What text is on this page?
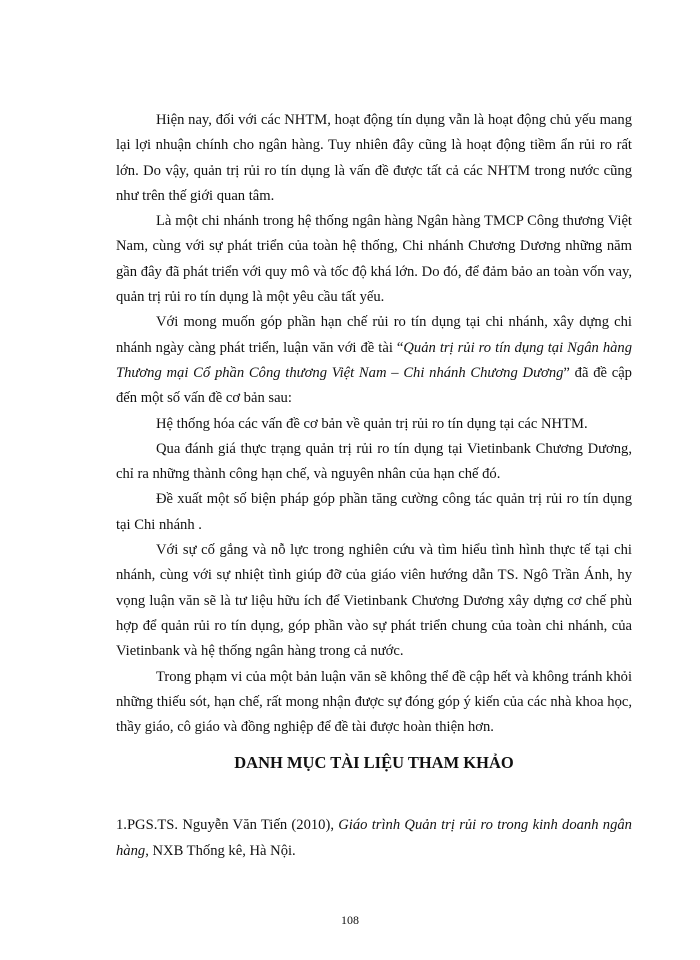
Hiện nay, đối với các NHTM, hoạt động tín dụng vẫn là hoạt động chủ yếu mang lại lợi nhuận chính cho ngân hàng. Tuy nhiên đây cũng là hoạt động tiềm ẩn rủi ro rất lớn. Do vậy, quản trị rủi ro tín dụng là vấn đề được tất cả các NHTM trong nước cũng như trên thế giới quan tâm.

Là một chi nhánh trong hệ thống ngân hàng Ngân hàng TMCP Công thương Việt Nam, cùng với sự phát triển của toàn hệ thống, Chi nhánh Chương Dương những năm gần đây đã phát triển với quy mô và tốc độ khá lớn. Do đó, để đảm bảo an toàn vốn vay, quản trị rủi ro tín dụng là một yêu cầu tất yếu.

Với mong muốn góp phần hạn chế rủi ro tín dụng tại chi nhánh, xây dựng chi nhánh ngày càng phát triển, luận văn với đề tài “Quản trị rủi ro tín dụng tại Ngân hàng Thương mại Cổ phần Công thương Việt Nam – Chi nhánh Chương Dương” đã đề cập đến một số vấn đề cơ bản sau:

Hệ thống hóa các vấn đề cơ bản về quản trị rủi ro tín dụng tại các NHTM.

Qua đánh giá thực trạng quản trị rủi ro tín dụng tại Vietinbank Chương Dương, chỉ ra những thành công hạn chế, và nguyên nhân của hạn chế đó.

Đề xuất một số biện pháp góp phần tăng cường công tác quản trị rủi ro tín dụng tại Chi nhánh .

Với sự cố gắng và nỗ lực trong nghiên cứu và tìm hiểu tình hình thực tế tại chi nhánh, cùng với sự nhiệt tình giúp đỡ của giáo viên hướng dẫn TS. Ngô Trần Ánh, hy vọng luận văn sẽ là tư liệu hữu ích để Vietinbank Chương Dương xây dựng cơ chế phù hợp để quản rủi ro tín dụng, góp phần vào sự phát triển chung của toàn chi nhánh, của Vietinbank và hệ thống ngân hàng trong cả nước.

Trong phạm vi của một bản luận văn sẽ không thể đề cập hết và không tránh khỏi những thiếu sót, hạn chế, rất mong nhận được sự đóng góp ý kiến của các nhà khoa học, thầy giáo, cô giáo và đồng nghiệp để đề tài được hoàn thiện hơn.

DANH MỤC TÀI LIỆU THAM KHẢO
1.PGS.TS. Nguyễn Văn Tiến (2010), Giáo trình Quản trị rủi ro trong kinh doanh ngân hàng, NXB Thống kê, Hà Nội.
108
